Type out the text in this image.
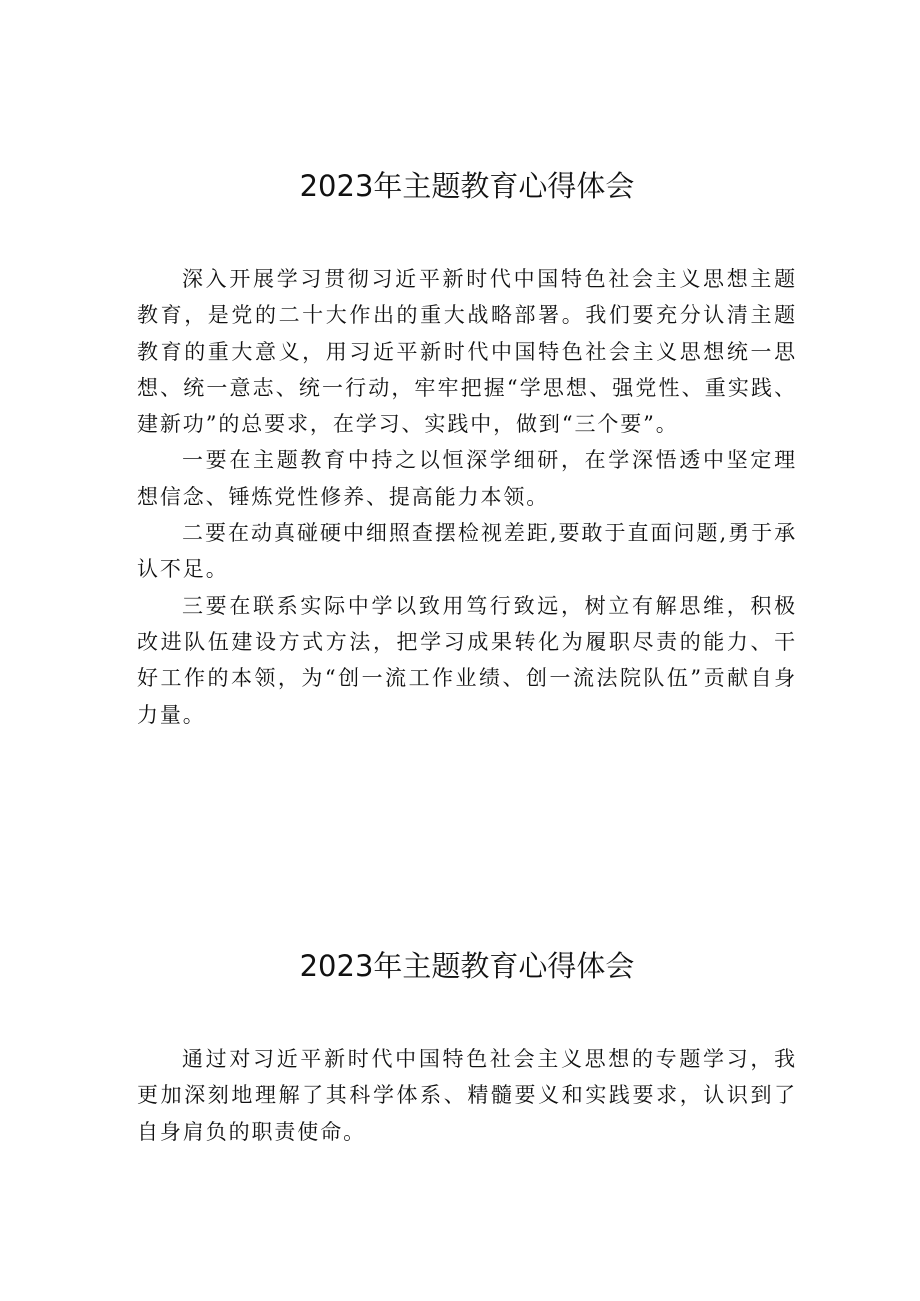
2023年主题教育心得体会

深入开展学习贯彻习近平新时代中国特色社会主义思想主题教育，是党的二十大作出的重大战略部署。我们要充分认清主题教育的重大意义，用习近平新时代中国特色社会主义思想统一思想、统一意志、统一行动，牢牢把握“学思想、强党性、重实践、建新功”的总要求，在学习、实践中，做到“三个要”。

一要在主题教育中持之以恒深学细研，在学深悟透中坚定理想信念、锤炼党性修养、提高能力本领。

二要在动真碰硬中细照查摆检视差距,要敢于直面问题,勇于承认不足。

三要在联系实际中学以致用笃行致远，树立有解思维，积极改进队伍建设方式方法，把学习成果转化为履职尽责的能力、干好工作的本领，为“创一流工作业绩、创一流法院队伍”贡献自身力量。

2023年主题教育心得体会

通过对习近平新时代中国特色社会主义思想的专题学习，我更加深刻地理解了其科学体系、精髓要义和实践要求，认识到了自身肩负的职责使命。
